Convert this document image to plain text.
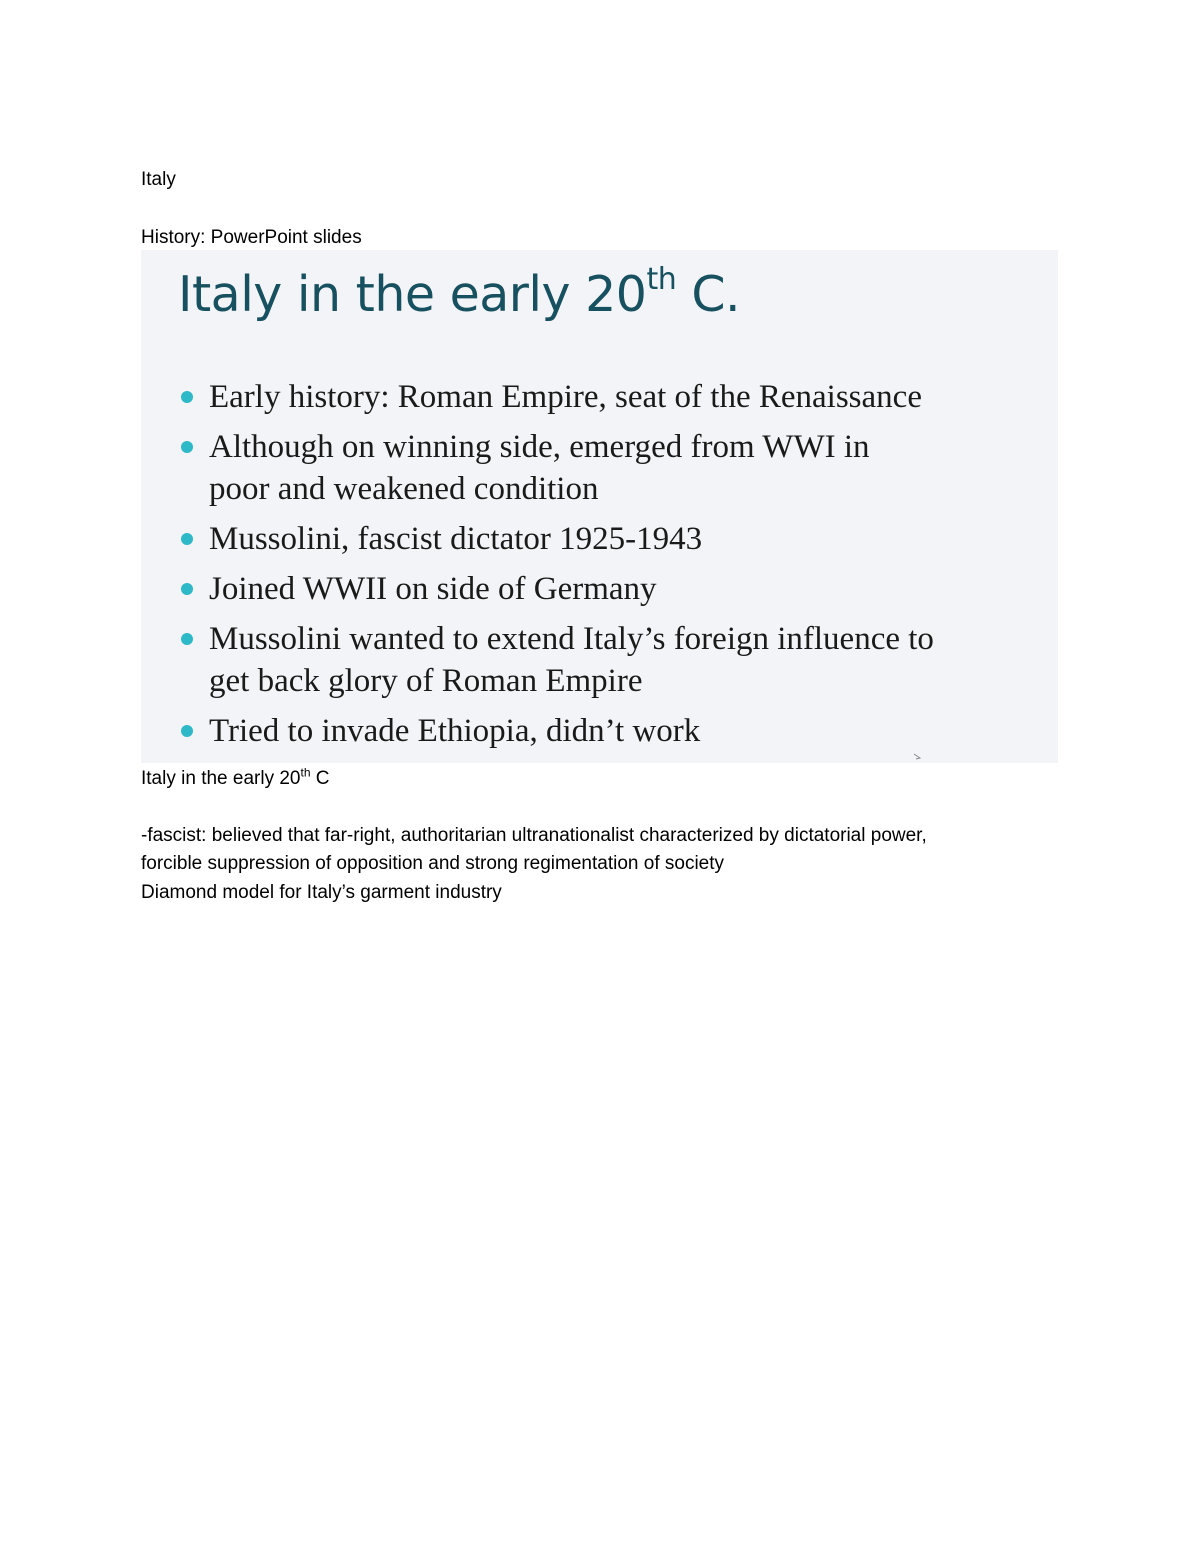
Italy
History: PowerPoint slides
Italy in the early 20th C.
Early history: Roman Empire, seat of the Renaissance
Although on winning side, emerged from WWI in
poor and weakened condition
Mussolini, fascist dictator 1925-1943
Joined WWII on side of Germany
Mussolini wanted to extend Italy’s foreign influence to
get back glory of Roman Empire
Tried to invade Ethiopia, didn’t work
Italy in the early 20th C
-fascist: believed that far-right, authoritarian ultranationalist characterized by dictatorial power,
forcible suppression of opposition and strong regimentation of society
Diamond model for Italy’s garment industry
